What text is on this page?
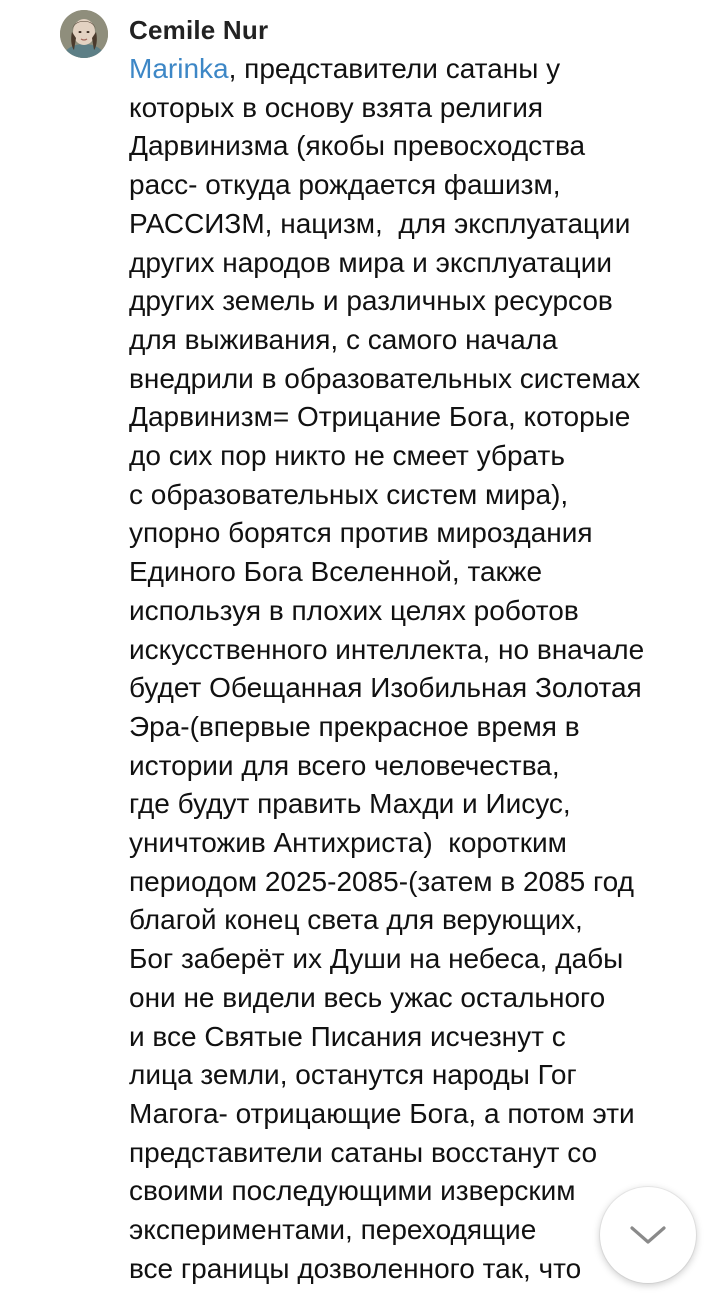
Cemile Nur
Marinka, представители сатаны у
которых в основу взята религия
Дарвинизма (якобы превосходства
расс- откуда рождается фашизм,
РАССИЗМ, нацизм,  для эксплуатации
других народов мира и эксплуатации
других земель и различных ресурсов
для выживания, с самого начала
внедрили в образовательных системах
Дарвинизм= Отрицание Бога, которые
до сих пор никто не смеет убрать
с образовательных систем мира),
упорно борятся против мироздания
Единого Бога Вселенной, также
используя в плохих целях роботов
искусственного интеллекта, но вначале
будет Обещанная Изобильная Золотая
Эра-(впервые прекрасное время в
истории для всего человечества,
где будут править Махди и Иисус,
уничтожив Антихриста)  коротким
периодом 2025-2085-(затем в 2085 год
благой конец света для верующих,
Бог заберёт их Души на небеса, дабы
они не видели весь ужас остального
и все Святые Писания исчезнут с
лица земли, останутся народы Гог
Магога- отрицающие Бога, а потом эти
представители сатаны восстанут со
своими последующими изверским
экспериментами, переходящие
все границы дозволенного так, что
